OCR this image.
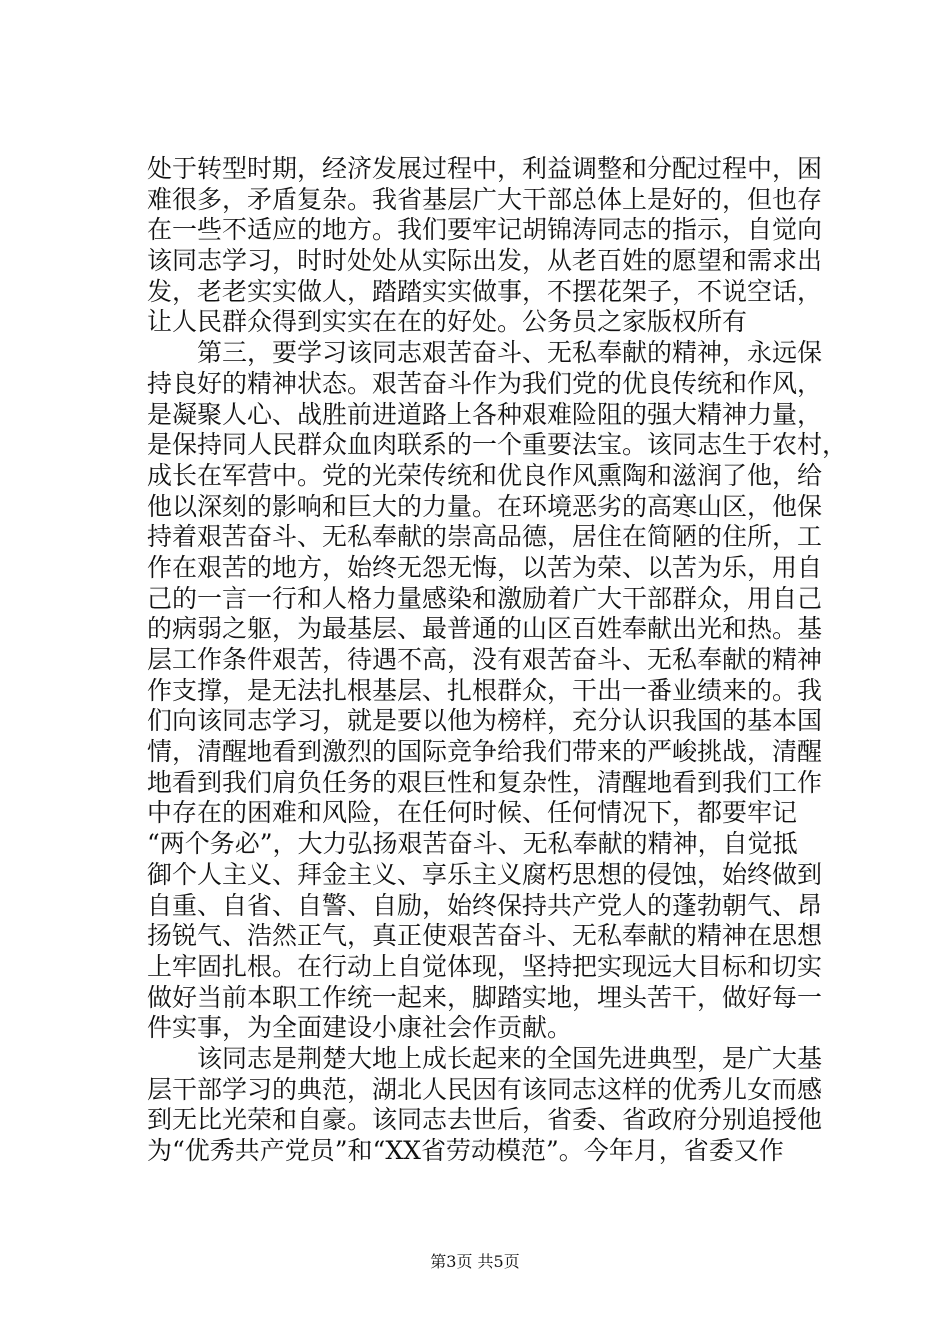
处于转型时期，经济发展过程中，利益调整和分配过程中，困
难很多，矛盾复杂。我省基层广大干部总体上是好的，但也存
在一些不适应的地方。我们要牢记胡锦涛同志的指示，自觉向
该同志学习，时时处处从实际出发，从老百姓的愿望和需求出
发，老老实实做人，踏踏实实做事，不摆花架子，不说空话，
让人民群众得到实实在在的好处。公务员之家版权所有
　　第三，要学习该同志艰苦奋斗、无私奉献的精神，永远保
持良好的精神状态。艰苦奋斗作为我们党的优良传统和作风，
是凝聚人心、战胜前进道路上各种艰难险阻的强大精神力量，
是保持同人民群众血肉联系的一个重要法宝。该同志生于农村，
成长在军营中。党的光荣传统和优良作风熏陶和滋润了他，给
他以深刻的影响和巨大的力量。在环境恶劣的高寒山区，他保
持着艰苦奋斗、无私奉献的崇高品德，居住在简陋的住所，工
作在艰苦的地方，始终无怨无悔，以苦为荣、以苦为乐，用自
己的一言一行和人格力量感染和激励着广大干部群众，用自己
的病弱之躯，为最基层、最普通的山区百姓奉献出光和热。基
层工作条件艰苦，待遇不高，没有艰苦奋斗、无私奉献的精神
作支撑，是无法扎根基层、扎根群众，干出一番业绩来的。我
们向该同志学习，就是要以他为榜样，充分认识我国的基本国
情，清醒地看到激烈的国际竞争给我们带来的严峻挑战，清醒
地看到我们肩负任务的艰巨性和复杂性，清醒地看到我们工作
中存在的困难和风险，在任何时候、任何情况下，都要牢记
“两个务必”，大力弘扬艰苦奋斗、无私奉献的精神，自觉抵
御个人主义、拜金主义、享乐主义腐朽思想的侵蚀，始终做到
自重、自省、自警、自励，始终保持共产党人的蓬勃朝气、昂
扬锐气、浩然正气，真正使艰苦奋斗、无私奉献的精神在思想
上牢固扎根。在行动上自觉体现，坚持把实现远大目标和切实
做好当前本职工作统一起来，脚踏实地，埋头苦干，做好每一
件实事，为全面建设小康社会作贡献。
　　该同志是荆楚大地上成长起来的全国先进典型，是广大基
层干部学习的典范，湖北人民因有该同志这样的优秀儿女而感
到无比光荣和自豪。该同志去世后，省委、省政府分别追授他
为“优秀共产党员”和“XX省劳动模范”。今年月，省委又作
第3页 共5页
